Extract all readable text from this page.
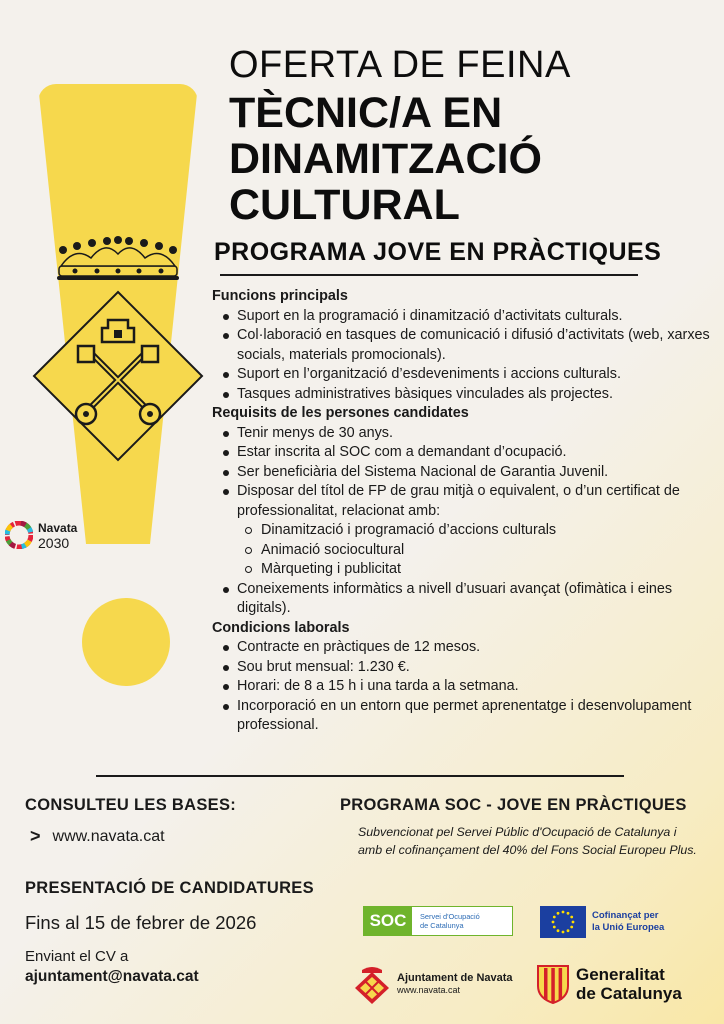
Navata
2030
OFERTA DE FEINA
TÈCNIC/A EN
DINAMITZACIÓ
CULTURAL
PROGRAMA JOVE EN PRÀCTIQUES
Funcions principals
Suport en la programació i dinamització d’activitats culturals.
Col·laboració en tasques de comunicació i difusió d’activitats (web, xarxes socials, materials promocionals).
Suport en l’organització d’esdeveniments i accions culturals.
Tasques administratives bàsiques vinculades als projectes.
Requisits de les persones candidates
Tenir menys de 30 anys.
Estar inscrita al SOC com a demandant d’ocupació.
Ser beneficiària del Sistema Nacional de Garantia Juvenil.
Disposar del títol de FP de grau mitjà o equivalent, o d’un certificat de professionalitat, relacionat amb:
Dinamització i programació d’accions culturals
Animació sociocultural
Màrqueting i publicitat
Coneixements informàtics a nivell d’usuari avançat (ofimàtica i eines digitals).
Condicions laborals
Contracte en pràctiques de 12 mesos.
Sou brut mensual: 1.230 €.
Horari: de 8 a 15 h i una tarda a la setmana.
Incorporació en un entorn que permet aprenentatge i desenvolupament professional.
CONSULTEU LES BASES:
> www.navata.cat
PRESENTACIÓ DE CANDIDATURES
Fins al 15 de febrer de 2026
Enviant el CV a
ajuntament@navata.cat
PROGRAMA SOC - JOVE EN PRÀCTIQUES
Subvencionat pel Servei Públic d'Ocupació de Catalunya i amb el cofinançament del 40% del Fons Social Europeu Plus.
SOC	Servei d'Ocupació
de Catalunya
Cofinançat per
la Unió Europea
Ajuntament de Navata
www.navata.cat
Generalitat
de Catalunya
